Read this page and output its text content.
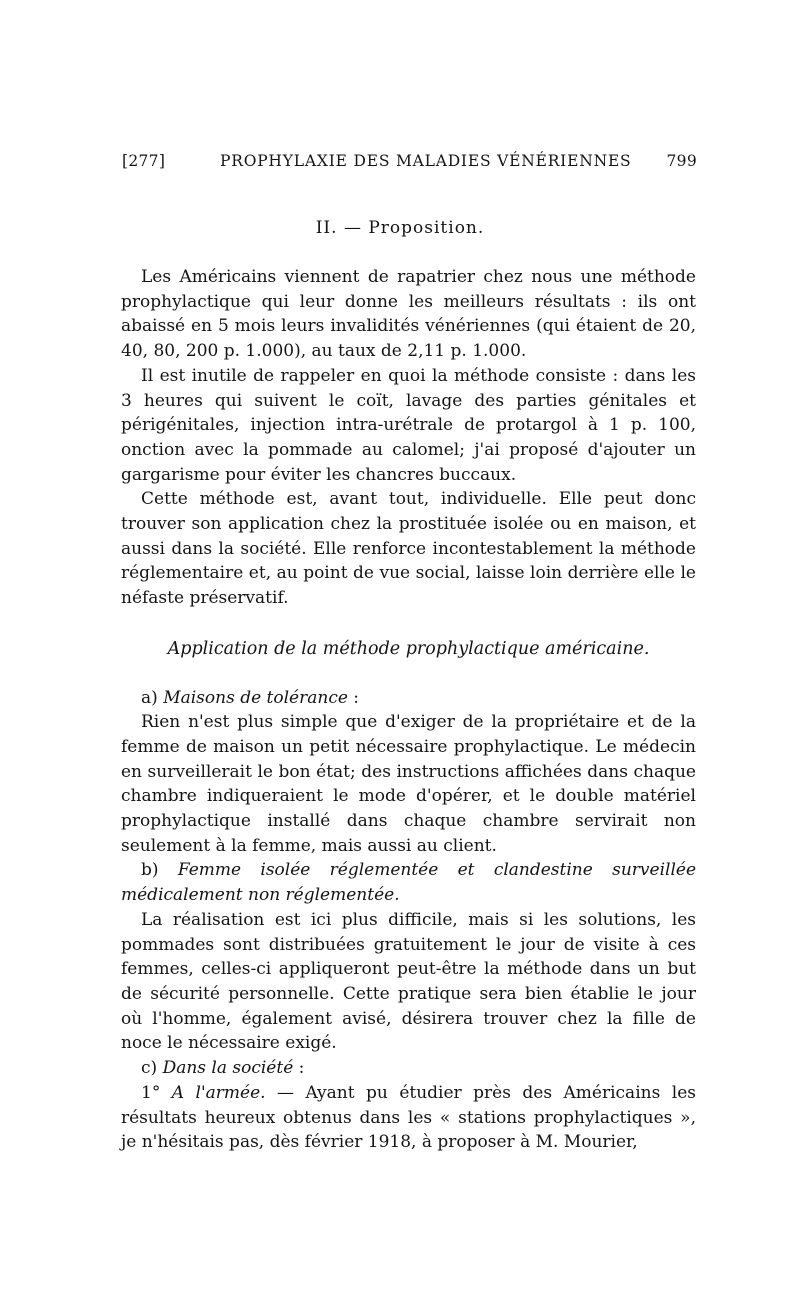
[277]	PROPHYLAXIE DES MALADIES VÉNÉRIENNES 799
II. — Proposition.

Les Américains viennent de rapatrier chez nous une méthode prophylactique qui leur donne les meilleurs résultats : ils ont abaissé en 5 mois leurs invalidités vénériennes (qui étaient de 20, 40, 80, 200 p. 1.000), au taux de 2,11 p. 1.000.

Il est inutile de rappeler en quoi la méthode consiste : dans les 3 heures qui suivent le coït, lavage des parties génitales et périgénitales, injection intra-urétrale de protargol à 1 p. 100, onction avec la pommade au calomel; j'ai proposé d'ajouter un gargarisme pour éviter les chancres buccaux.

Cette méthode est, avant tout, individuelle. Elle peut donc trouver son application chez la prostituée isolée ou en maison, et aussi dans la société. Elle renforce incontestablement la méthode réglementaire et, au point de vue social, laisse loin derrière elle le néfaste préservatif.

Application de la méthode prophylactique américaine.

a) Maisons de tolérance :

Rien n'est plus simple que d'exiger de la propriétaire et de la femme de maison un petit nécessaire prophylactique. Le médecin en surveillerait le bon état; des instructions affichées dans chaque chambre indiqueraient le mode d'opérer, et le double matériel prophylactique installé dans chaque chambre servirait non seulement à la femme, mais aussi au client.

b) Femme isolée réglementée et clandestine surveillée médicalement non réglementée.

La réalisation est ici plus difficile, mais si les solutions, les pommades sont distribuées gratuitement le jour de visite à ces femmes, celles-ci appliqueront peut-être la méthode dans un but de sécurité personnelle. Cette pratique sera bien établie le jour où l'homme, également avisé, désirera trouver chez la fille de noce le nécessaire exigé.

c) Dans la société :

1° A l'armée. — Ayant pu étudier près des Américains les résultats heureux obtenus dans les « stations prophylactiques », je n'hésitais pas, dès février 1918, à proposer à M. Mourier,
